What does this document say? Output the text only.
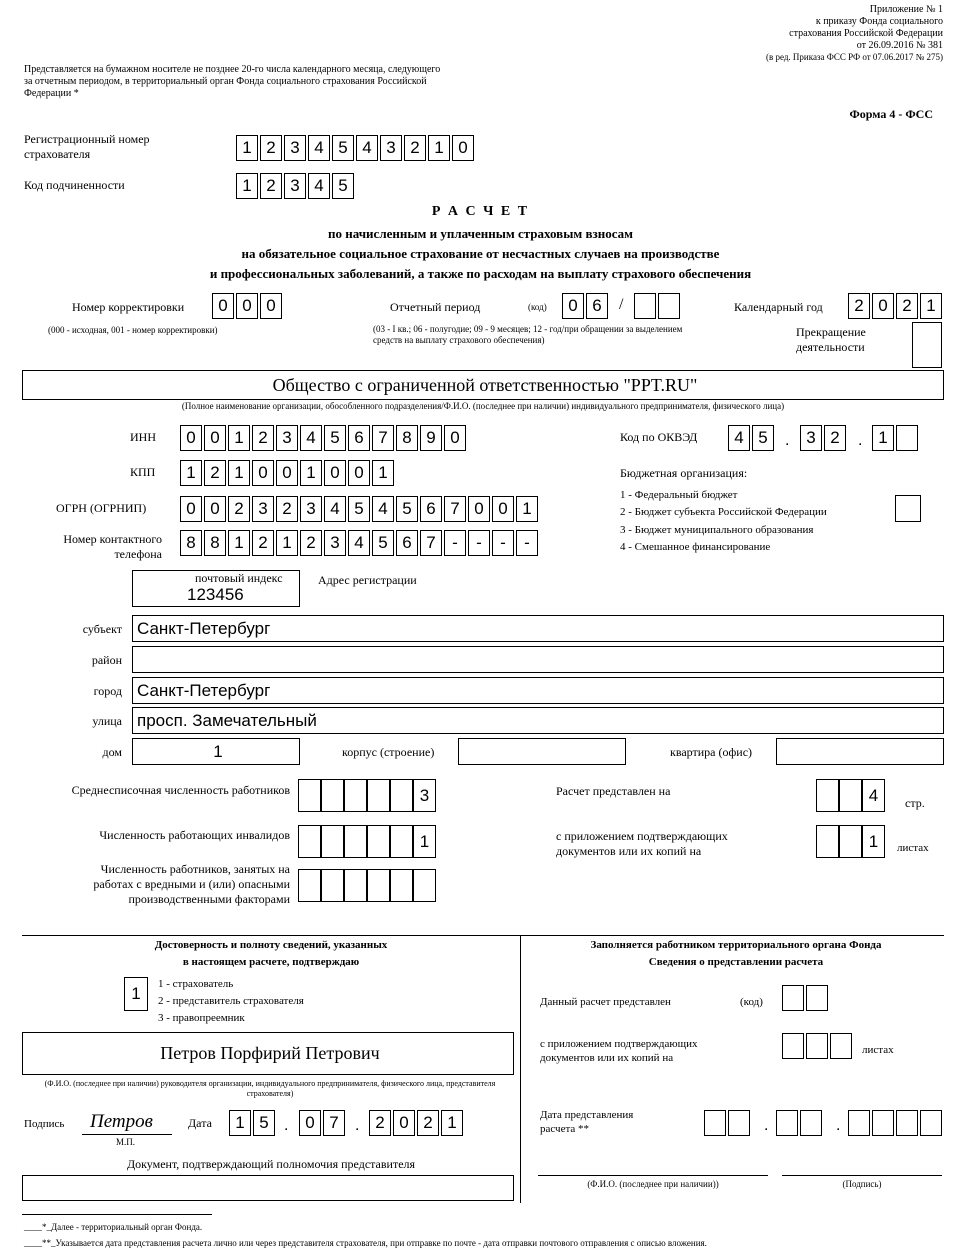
Приложение № 1
к приказу Фонда социального
страхования Российской Федерации
от 26.09.2016 № 381
(в ред. Приказа ФСС РФ от 07.06.2017 № 275)
Представляется на бумажном носителе не позднее 20-го числа календарного месяца, следующего за отчетным периодом, в территориальный орган Фонда социального страхования Российской Федерации *
Форма 4 - ФСС
Регистрационный номер страхователя	1 2 3 4 5 4 3 2 1 0
Код подчиненности	1 2 3 4 5
Р А С Ч Е Т
по начисленным и уплаченным страховым взносам
на обязательное социальное страхование от несчастных случаев на производстве
и профессиональных заболеваний, а также по расходам на выплату страхового обеспечения
Номер корректировки	0 0 0
(000 - исходная, 001 - номер корректировки)
Отчетный период	(код)	0 6	/
(03 - I кв.; 06 - полугодие; 09 - 9 месяцев; 12 - год/при обращении за выделением средств на выплату страхового обеспечения)
Календарный год	2 0 2 1
Прекращение деятельности
Общество с ограниченной ответственностью "PPT.RU"
(Полное наименование организации, обособленного подразделения/Ф.И.О. (последнее при наличии) индивидуального предпринимателя, физического лица)
ИНН	0 0 1 2 3 4 5 6 7 8 9 0
КПП	1 2 1 0 0 1 0 0 1
ОГРН (ОГРНИП)	0 0 2 3 2 3 4 5 4 5 6 7 0 0 1
Номер контактного телефона
8 8 1 2 1 2 3 4 5 6 7 -	-	-	-
Код по ОКВЭД	4 5	. 3 2	. 1
Бюджетная организация:
1 - Федеральный бюджет
2 - Бюджет субъекта Российской Федерации
3 - Бюджет муниципального образования
4 - Смешанное финансирование
почтовый индекс
123456
Адрес регистрации
субъект Санкт-Петербург
район
город Санкт-Петербург
улица просп. Замечательный
дом	1	корпус (строение)	квартира (офис)
Среднесписочная численность работников	3
Численность работающих инвалидов	1
Численность работников, занятых на работах с вредными и (или) опасными производственными факторами
Расчет представлен на	4	стр.
с приложением подтверждающих документов или их копий на
1	листах
Достоверность и полноту сведений, указанных
в настоящем расчете, подтверждаю
1	1 - страхователь
2 - представитель страхователя
3 - правопреемник
Петров Порфирий Петрович
(Ф.И.О. (последнее при наличии) руководителя организации, индивидуального предпринимателя, физического лица, представителя страхователя)
Подпись Петров
М.П.
Дата	1 5 . 0 7	. 2 0 2 1
Документ, подтверждающий полномочия представителя
Заполняется работником территориального органа Фонда
Сведения о представлении расчета
Данный расчет представлен	(код)
с приложением подтверждающих документов или их копий на
листах
Дата представления расчета **	.	.
(Ф.И.О. (последнее при наличии))	(Подпись)
____*_Далее - территориальный орган Фонда.
____**_Указывается дата представления расчета лично или через представителя страхователя, при отправке по почте - дата отправки почтового отправления с описью вложения.
